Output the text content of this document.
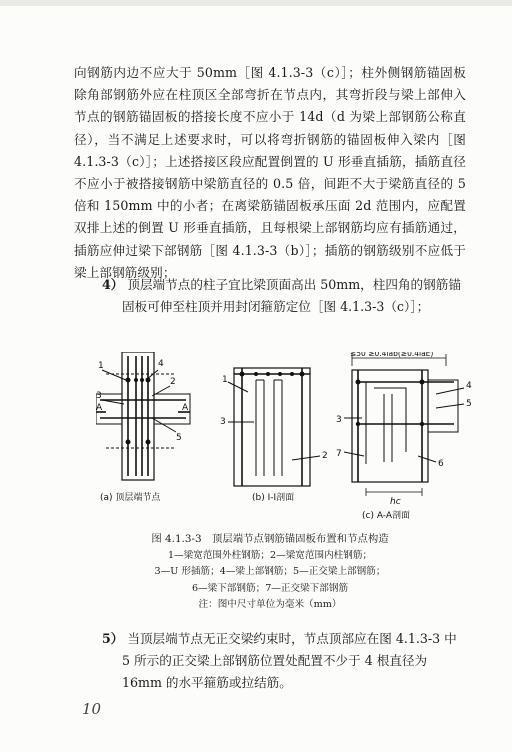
向钢筋内边不应大于 50mm［图 4.1.3-3（c）］；柱外侧钢筋锚固板除角部钢筋外应在柱顶区全部弯折在节点内，其弯折段与梁上部伸入节点的钢筋锚固板的搭接长度不应小于 14d（d 为梁上部钢筋公称直径），当不满足上述要求时，可以将弯折钢筋的锚固板伸入梁内［图 4.1.3-3（c）］；上述搭接区段应配置倒置的 U 形垂直插筋，插筋直径不应小于被搭接钢筋中梁筋直径的 0.5 倍，间距不大于梁筋直径的 5 倍和 150mm 中的小者；在离梁筋锚固板承压面 2d 范围内，应配置双排上述的倒置 U 形垂直插筋，且每根梁上部钢筋均应有插筋通过，插筋应伸过梁下部钢筋［图 4.1.3-3（b）］；插筋的钢筋级别不应低于梁上部钢筋级别；
4） 顶层端节点的柱子宜比梁顶面高出 50mm，柱四角的钢筋锚固板可伸至柱顶并用封闭箍筋定位［图 4.1.3-3（c）］；
1	4
2
3
5
A	A
1
3
2
4
5
3
7
6
hc
≤50 ≥0.4lab(≥0.4laE)
(a) 顶层端节点	(b) Ⅰ-Ⅰ剖面
(c) A-A剖面
图 4.1.3-3　顶层端节点钢筋锚固板布置和节点构造
1—梁宽范围外柱钢筋；2—梁宽范围内柱钢筋；
3—U 形插筋；4—梁上部钢筋；5—正交梁上部钢筋；
6—梁下部钢筋；7—正交梁下部钢筋
注：图中尺寸单位为毫米（mm）
5） 当顶层端节点无正交梁约束时，节点顶部应在图 4.1.3-3 中 5 所示的正交梁上部钢筋位置处配置不少于 4 根直径为 16mm 的水平箍筋或拉结筋。
10
